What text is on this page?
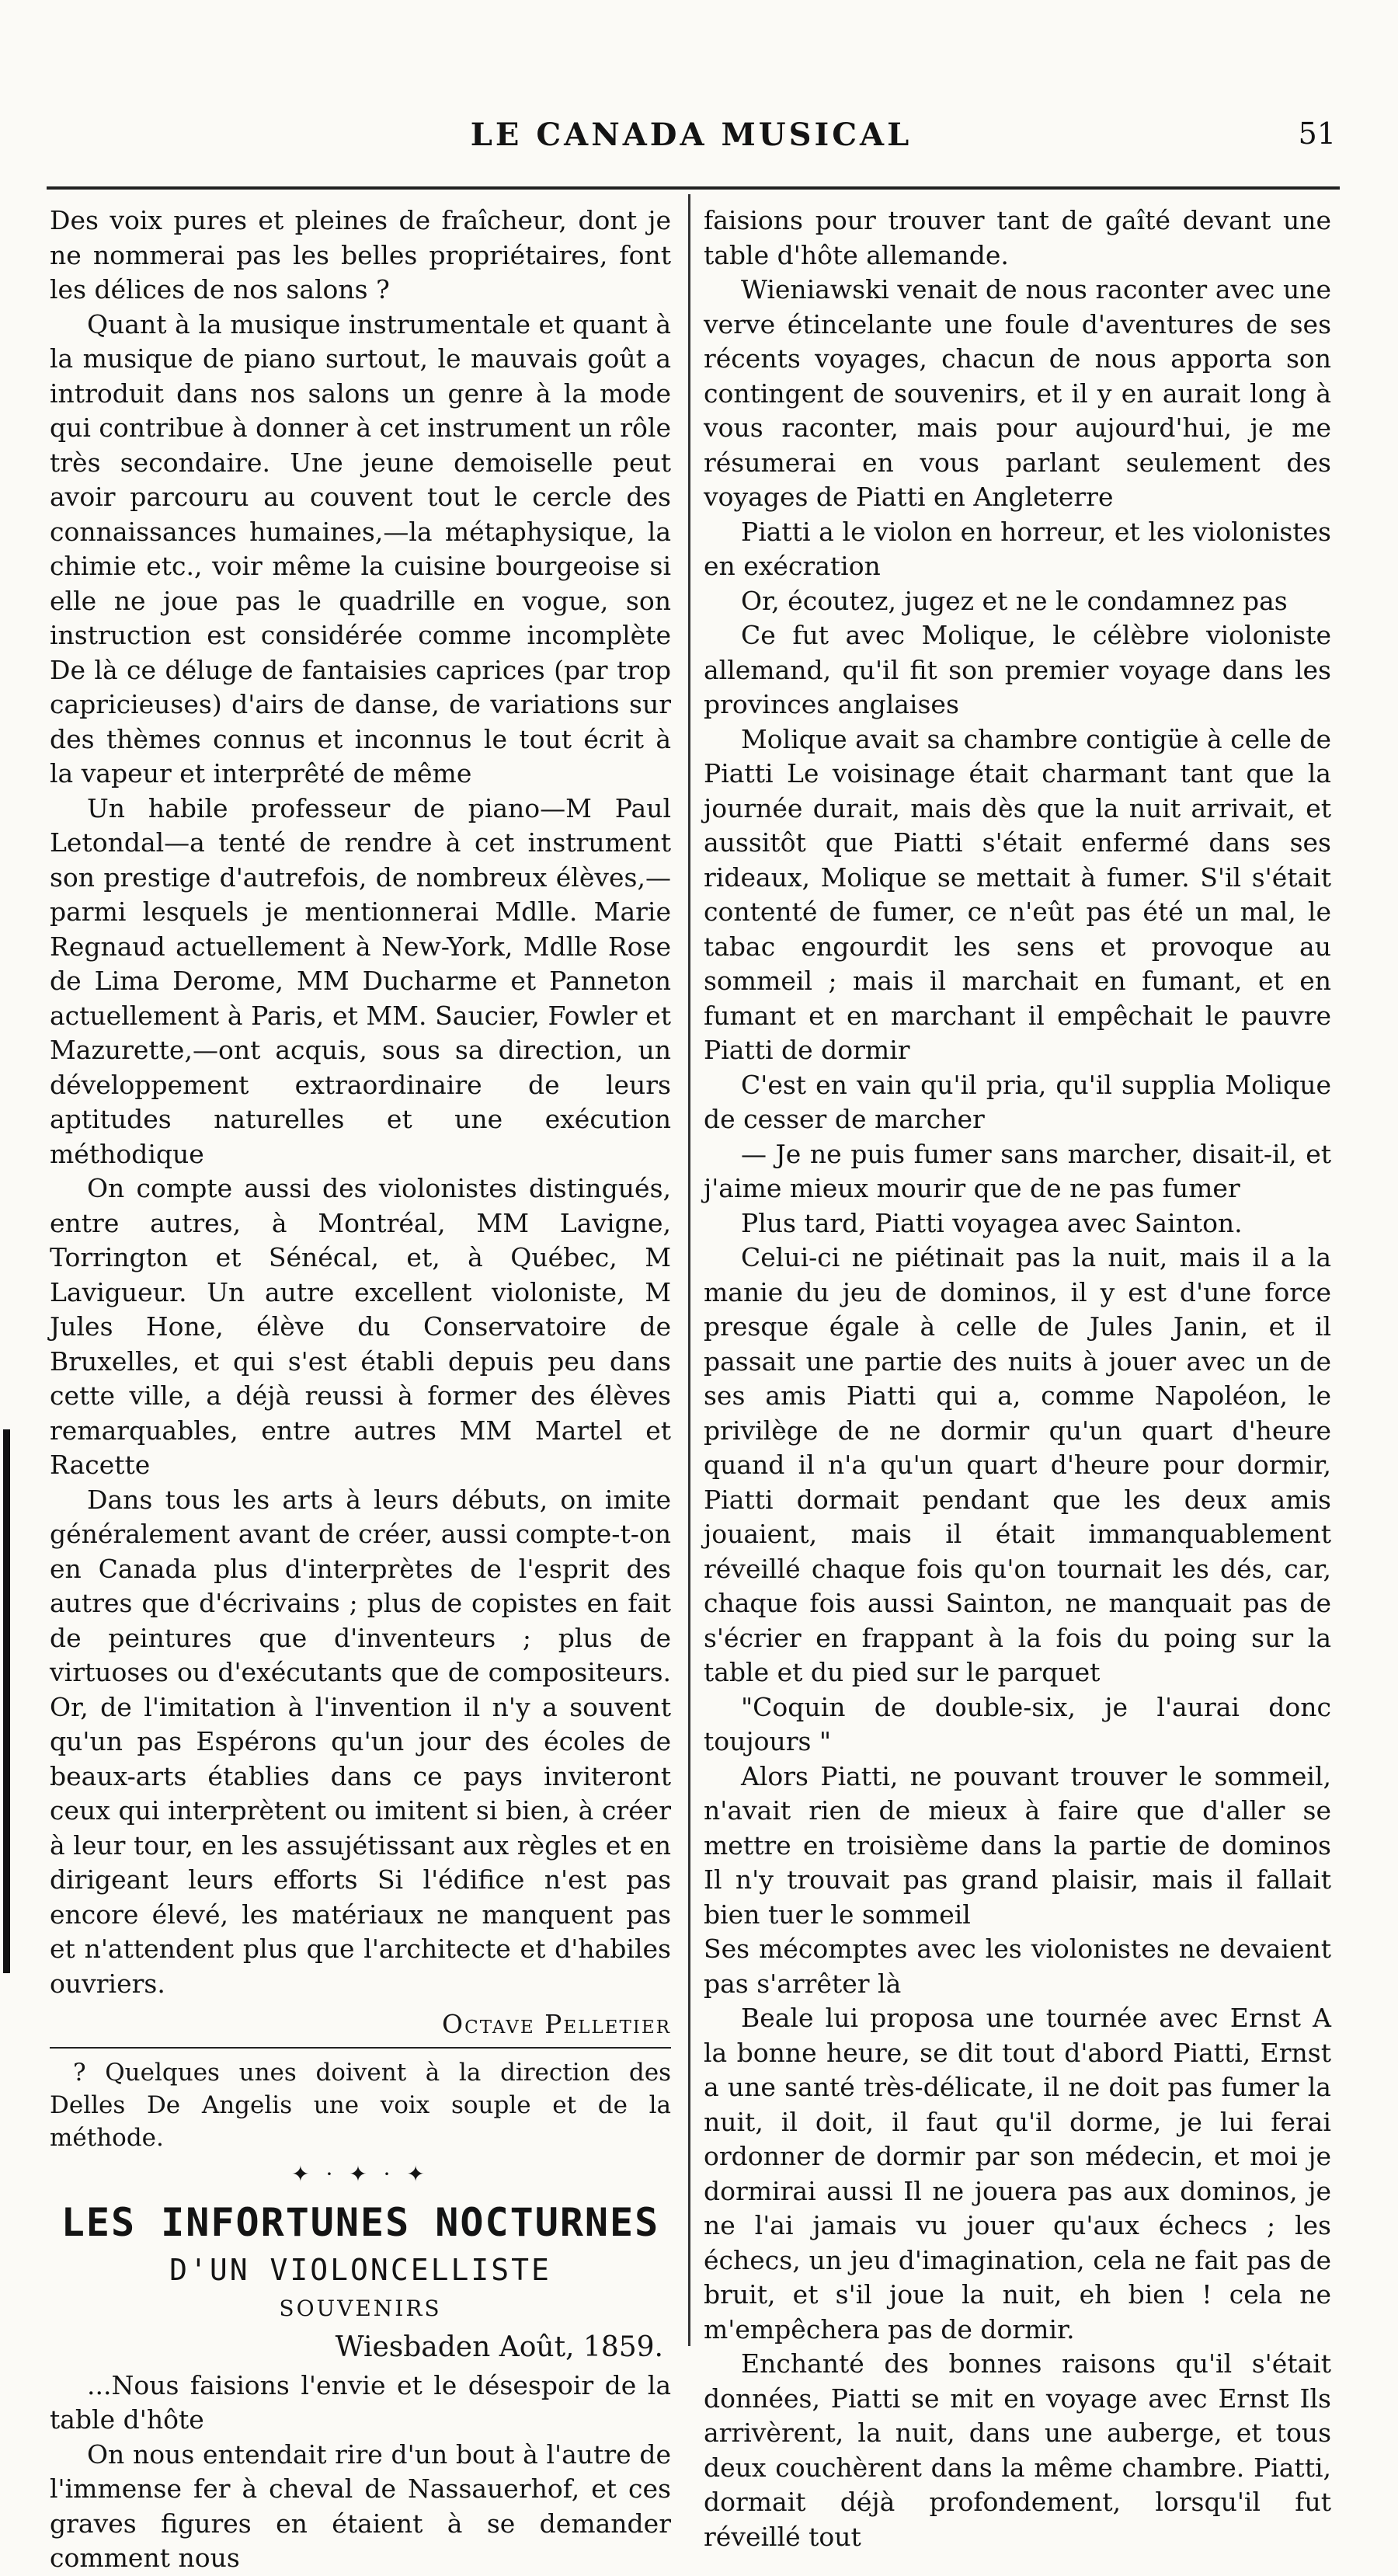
LE CANADA MUSICAL	51

Des voix pures et pleines de fraîcheur, dont je ne nommerai pas les belles propriétaires, font les délices de nos salons ?

Quant à la musique instrumentale et quant à la musique de piano surtout, le mauvais goût a introduit dans nos salons un genre à la mode qui contribue à donner à cet instrument un rôle très secondaire. Une jeune demoiselle peut avoir parcouru au couvent tout le cercle des connaissances humaines,—la métaphysique, la chimie etc., voir même la cuisine bourgeoise si elle ne joue pas le quadrille en vogue, son instruction est considérée comme incomplète De là ce déluge de fantaisies caprices (par trop capricieuses) d'airs de danse, de variations sur des thèmes connus et inconnus le tout écrit à la vapeur et interprêté de même

Un habile professeur de piano—M Paul Letondal—a tenté de rendre à cet instrument son prestige d'autrefois, de nombreux élèves,—parmi lesquels je mentionnerai Mdlle. Marie Regnaud actuellement à New-York, Mdlle Rose de Lima Derome, MM Ducharme et Panneton actuellement à Paris, et MM. Saucier, Fowler et Mazurette,—ont acquis, sous sa direction, un développement extraordinaire de leurs aptitudes naturelles et une exécution méthodique

On compte aussi des violonistes distingués, entre autres, à Montréal, MM Lavigne, Torrington et Sénécal, et, à Québec, M Lavigueur. Un autre excellent violoniste, M Jules Hone, élève du Conservatoire de Bruxelles, et qui s'est établi depuis peu dans cette ville, a déjà reussi à former des élèves remarquables, entre autres MM Martel et Racette

Dans tous les arts à leurs débuts, on imite généralement avant de créer, aussi compte-t-on en Canada plus d'interprètes de l'esprit des autres que d'écrivains ; plus de copistes en fait de peintures que d'inventeurs ; plus de virtuoses ou d'exécutants que de compositeurs. Or, de l'imitation à l'invention il n'y a souvent qu'un pas Espérons qu'un jour des écoles de beaux-arts établies dans ce pays inviteront ceux qui interprètent ou imitent si bien, à créer à leur tour, en les assujétissant aux règles et en dirigeant leurs efforts Si l'édifice n'est pas encore élevé, les matériaux ne manquent pas et n'attendent plus que l'architecte et d'habiles ouvriers.

Octave Pelletier

? Quelques unes doivent à la direction des Delles De Angelis une voix souple et de la méthode.

✦ · ✦ · ✦

LES INFORTUNES NOCTURNES

D'UN VIOLONCELLISTE

SOUVENIRS

Wiesbaden Août, 1859.

...Nous faisions l'envie et le désespoir de la table d'hôte

On nous entendait rire d'un bout à l'autre de l'immense fer à cheval de Nassauerhof, et ces graves figures en étaient à se demander comment nous

faisions pour trouver tant de gaîté devant une table d'hôte allemande.

Wieniawski venait de nous raconter avec une verve étincelante une foule d'aventures de ses récents voyages, chacun de nous apporta son contingent de souvenirs, et il y en aurait long à vous raconter, mais pour aujourd'hui, je me résumerai en vous parlant seulement des voyages de Piatti en Angleterre

Piatti a le violon en horreur, et les violonistes en exécration

Or, écoutez, jugez et ne le condamnez pas

Ce fut avec Molique, le célèbre violoniste allemand, qu'il fit son premier voyage dans les provinces anglaises

Molique avait sa chambre contigüe à celle de Piatti Le voisinage était charmant tant que la journée durait, mais dès que la nuit arrivait, et aussitôt que Piatti s'était enfermé dans ses rideaux, Molique se mettait à fumer. S'il s'était contenté de fumer, ce n'eût pas été un mal, le tabac engourdit les sens et provoque au sommeil ; mais il marchait en fumant, et en fumant et en marchant il empêchait le pauvre Piatti de dormir

C'est en vain qu'il pria, qu'il supplia Molique de cesser de marcher

— Je ne puis fumer sans marcher, disait-il, et j'aime mieux mourir que de ne pas fumer

Plus tard, Piatti voyagea avec Sainton.

Celui-ci ne piétinait pas la nuit, mais il a la manie du jeu de dominos, il y est d'une force presque égale à celle de Jules Janin, et il passait une partie des nuits à jouer avec un de ses amis Piatti qui a, comme Napoléon, le privilège de ne dormir qu'un quart d'heure quand il n'a qu'un quart d'heure pour dormir, Piatti dormait pendant que les deux amis jouaient, mais il était immanquablement réveillé chaque fois qu'on tournait les dés, car, chaque fois aussi Sainton, ne manquait pas de s'écrier en frappant à la fois du poing sur la table et du pied sur le parquet

"Coquin de double-six, je l'aurai donc toujours "

Alors Piatti, ne pouvant trouver le sommeil, n'avait rien de mieux à faire que d'aller se mettre en troisième dans la partie de dominos Il n'y trouvait pas grand plaisir, mais il fallait bien tuer le sommeil

Ses mécomptes avec les violonistes ne devaient pas s'arrêter là

Beale lui proposa une tournée avec Ernst A la bonne heure, se dit tout d'abord Piatti, Ernst a une santé très-délicate, il ne doit pas fumer la nuit, il doit, il faut qu'il dorme, je lui ferai ordonner de dormir par son médecin, et moi je dormirai aussi Il ne jouera pas aux dominos, je ne l'ai jamais vu jouer qu'aux échecs ; les échecs, un jeu d'imagination, cela ne fait pas de bruit, et s'il joue la nuit, eh bien ! cela ne m'empêchera pas de dormir.

Enchanté des bonnes raisons qu'il s'était données, Piatti se mit en voyage avec Ernst Ils arrivèrent, la nuit, dans une auberge, et tous deux couchèrent dans la même chambre. Piatti, dormait déjà profondement, lorsqu'il fut réveillé tout
